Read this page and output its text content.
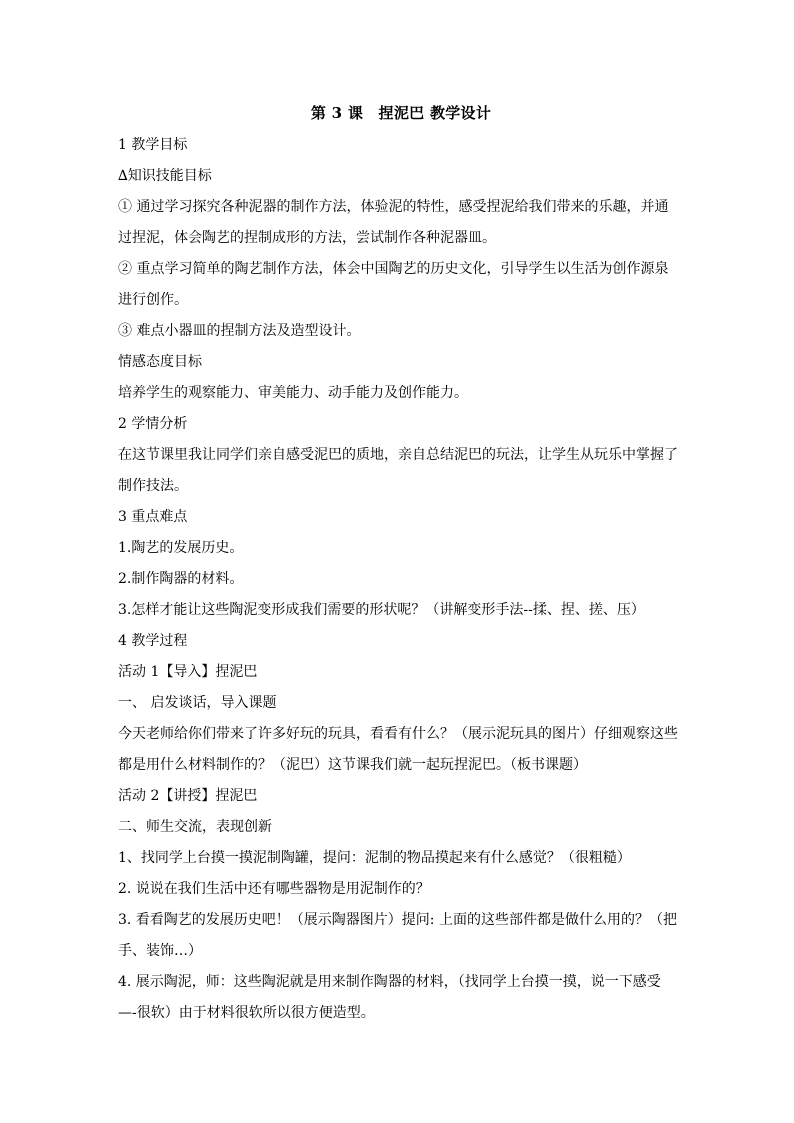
第 3 课　捏泥巴 教学设计

1 教学目标

∆知识技能目标

① 通过学习探究各种泥器的制作方法，体验泥的特性，感受捏泥给我们带来的乐趣，并通

过捏泥，体会陶艺的捏制成形的方法，尝试制作各种泥器皿。

② 重点学习简单的陶艺制作方法，体会中国陶艺的历史文化，引导学生以生活为创作源泉

进行创作。

③ 难点小器皿的捏制方法及造型设计。

情感态度目标

培养学生的观察能力、审美能力、动手能力及创作能力。

2 学情分析

在这节课里我让同学们亲自感受泥巴的质地，亲自总结泥巴的玩法，让学生从玩乐中掌握了

制作技法。

3 重点难点

1.陶艺的发展历史。

2.制作陶器的材料。

3.怎样才能让这些陶泥变形成我们需要的形状呢？（讲解变形手法--揉、捏、搓、压）

4 教学过程

活动 1【导入】捏泥巴

一、 启发谈话，导入课题

今天老师给你们带来了许多好玩的玩具，看看有什么？（展示泥玩具的图片）仔细观察这些

都是用什么材料制作的？（泥巴）这节课我们就一起玩捏泥巴。（板书课题）

活动 2【讲授】捏泥巴

二、师生交流，表现创新

1、找同学上台摸一摸泥制陶罐，提问：泥制的物品摸起来有什么感觉？（很粗糙）

2. 说说在我们生活中还有哪些器物是用泥制作的？

3. 看看陶艺的发展历史吧！（展示陶器图片）提问: 上面的这些部件都是做什么用的？（把

手、装饰…）

4. 展示陶泥，师：这些陶泥就是用来制作陶器的材料，（找同学上台摸一摸，说一下感受

—-很软）由于材料很软所以很方便造型。
